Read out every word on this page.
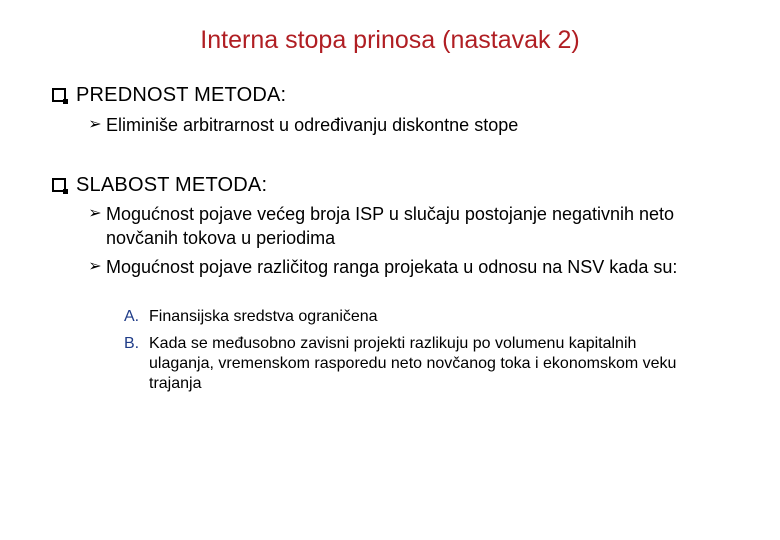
Interna stopa prinosa (nastavak 2)
PREDNOST METODA:
➢ Eliminiše arbitrarnost u određivanju diskontne stope
SLABOST METODA:
➢ Mogućnost pojave većeg broja ISP u slučaju postojanje negativnih neto novčanih tokova u periodima
➢ Mogućnost pojave različitog ranga projekata u odnosu na NSV kada su:
A. Finansijska sredstva ograničena
B. Kada se međusobno zavisni projekti razlikuju po volumenu kapitalnih ulaganja, vremenskom rasporedu neto novčanog toka i ekonomskom veku trajanja
